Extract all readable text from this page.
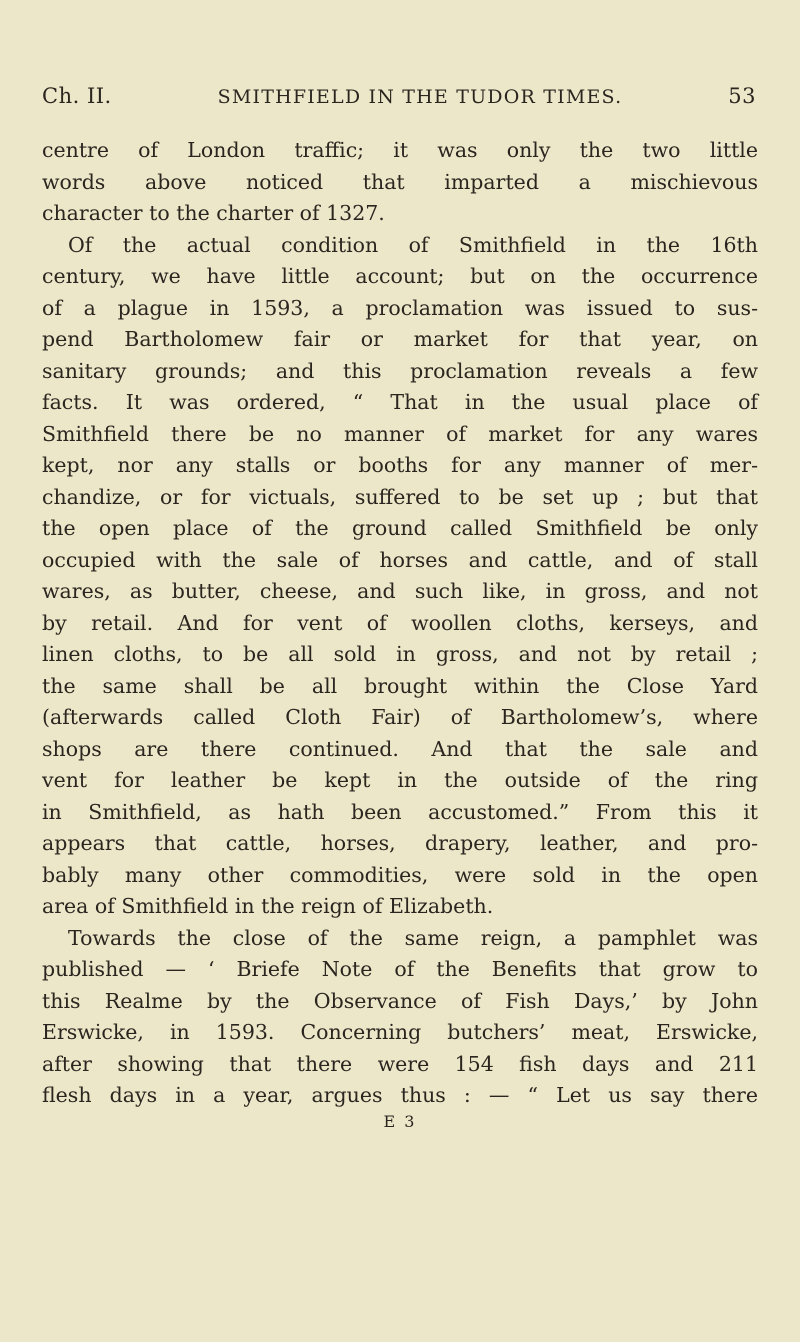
Ch. II.	SMITHFIELD IN THE TUDOR TIMES.	53
centre of London traffic; it was only the two little
words above noticed that imparted a mischievous
character to the charter of 1327.
Of the actual condition of Smithfield in the 16th
century, we have little account; but on the occurrence
of a plague in 1593, a proclamation was issued to sus-
pend Bartholomew fair or market for that year, on
sanitary grounds; and this proclamation reveals a few
facts. It was ordered, “ That in the usual place of
Smithfield there be no manner of market for any wares
kept, nor any stalls or booths for any manner of mer-
chandize, or for victuals, suffered to be set up ; but that
the open place of the ground called Smithfield be only
occupied with the sale of horses and cattle, and of stall
wares, as butter, cheese, and such like, in gross, and not
by retail. And for vent of woollen cloths, kerseys, and
linen cloths, to be all sold in gross, and not by retail ;
the same shall be all brought within the Close Yard
(afterwards called Cloth Fair) of Bartholomew’s, where
shops are there continued. And that the sale and
vent for leather be kept in the outside of the ring
in Smithfield, as hath been accustomed.” From this it
appears that cattle, horses, drapery, leather, and pro-
bably many other commodities, were sold in the open
area of Smithfield in the reign of Elizabeth.
Towards the close of the same reign, a pamphlet was
published — ‘ Briefe Note of the Benefits that grow to
this Realme by the Observance of Fish Days,’ by John
Erswicke, in 1593. Concerning butchers’ meat, Erswicke,
after showing that there were 154 fish days and 211
flesh days in a year, argues thus : — “ Let us say there
E 3
